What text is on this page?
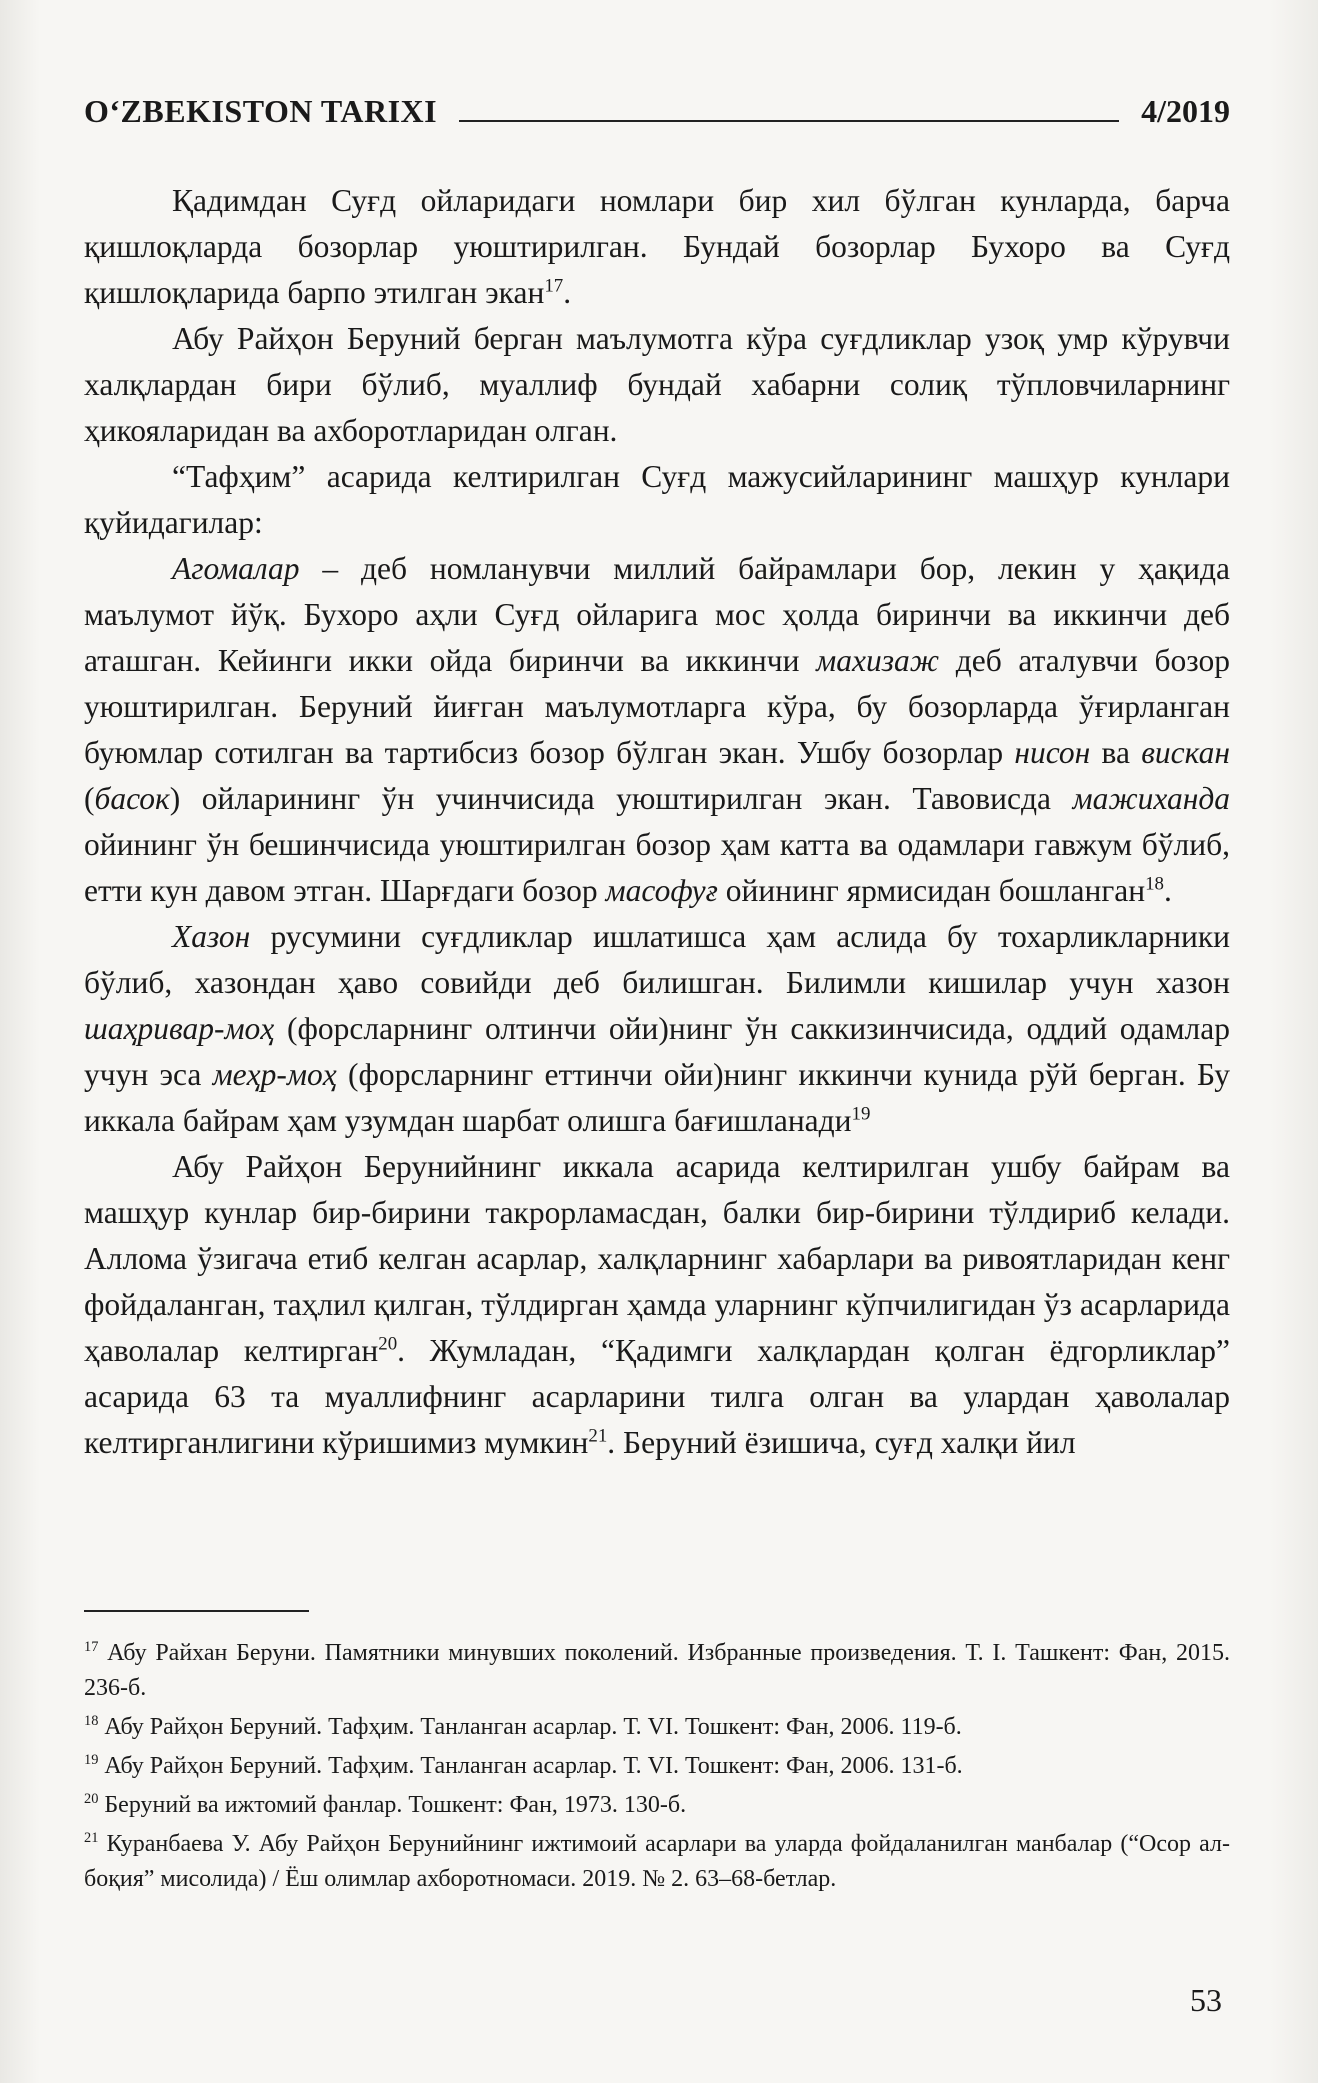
O‘ZBEKISTON TARIXI	4/2019

Қадимдан Суғд ойларидаги номлари бир хил бўлган кунларда, барча қишлоқларда бозорлар уюштирилган. Бундай бозорлар Бухоро ва Суғд қишлоқларида барпо этилган экан$^{17}$.

Абу Райҳон Беруний берган маълумотга кўра суғдликлар узоқ умр кўрувчи халқлардан бири бўлиб, муаллиф бундай хабарни солиқ тўпловчиларнинг ҳикояларидан ва ахборотларидан олган.

“Тафҳим” асарида келтирилган Суғд мажусийларининг машҳур кунлари қуйидагилар:

Агомалар – деб номланувчи миллий байрамлари бор, лекин у ҳақида маълумот йўқ. Бухоро аҳли Суғд ойларига мос ҳолда биринчи ва иккинчи деб аташган. Кейинги икки ойда биринчи ва иккинчи махизаж деб аталувчи бозор уюштирилган. Беруний йиғган маълумотларга кўра, бу бозорларда ўғирланган буюмлар сотилган ва тартибсиз бозор бўлган экан. Ушбу бозорлар нисон ва вискан (басок) ойларининг ўн учинчисида уюштирилган экан. Тавовисда мажиханда ойининг ўн бешинчисида уюштирилган бозор ҳам катта ва одамлари гавжум бўлиб, етти кун давом этган. Шарғдаги бозор масофуғ ойининг ярмисидан бошланган$^{18}$.

Хазон русумини суғдликлар ишлатишса ҳам аслида бу тохарликларники бўлиб, хазондан ҳаво совийди деб билишган. Билимли кишилар учун хазон шаҳривар-моҳ (форсларнинг олтинчи ойи)нинг ўн саккизинчисида, оддий одамлар учун эса меҳр-моҳ (форсларнинг еттинчи ойи)нинг иккинчи кунида рўй берган. Бу иккала байрам ҳам узумдан шарбат олишга бағишланади$^{19}$

Абу Райҳон Берунийнинг иккала асарида келтирилган ушбу байрам ва машҳур кунлар бир-бирини такрорламасдан, балки бир-бирини тўлдириб келади. Аллома ўзигача етиб келган асарлар, халқларнинг хабарлари ва ривоятларидан кенг фойдаланган, таҳлил қилган, тўлдирган ҳамда уларнинг кўпчилигидан ўз асарларида ҳаволалар келтирган$^{20}$. Жумладан, “Қадимги халқлардан қолган ёдгорликлар” асарида 63 та муаллифнинг асарларини тилга олган ва улардан ҳаволалар келтирганлигини кўришимиз мумкин$^{21}$. Беруний ёзишича, суғд халқи йил

$^{17}$ Абу Райхан Беруни. Памятники минувших поколений. Избранные произведения. Т. I. Ташкент: Фан, 2015. 236-б.

$^{18}$ Абу Райҳон Беруний. Тафҳим. Танланган асарлар. Т. VI. Тошкент: Фан, 2006. 119-б.

$^{19}$ Абу Райҳон Беруний. Тафҳим. Танланган асарлар. Т. VI. Тошкент: Фан, 2006. 131-б.

$^{20}$ Беруний ва ижтомий фанлар. Тошкент: Фан, 1973. 130-б.

$^{21}$ Куранбаева У. Абу Райҳон Берунийнинг ижтимоий асарлари ва уларда фойдаланилган манбалар (“Осор ал-боқия” мисолида) / Ёш олимлар ахборотномаси. 2019. № 2. 63–68-бетлар.

53
